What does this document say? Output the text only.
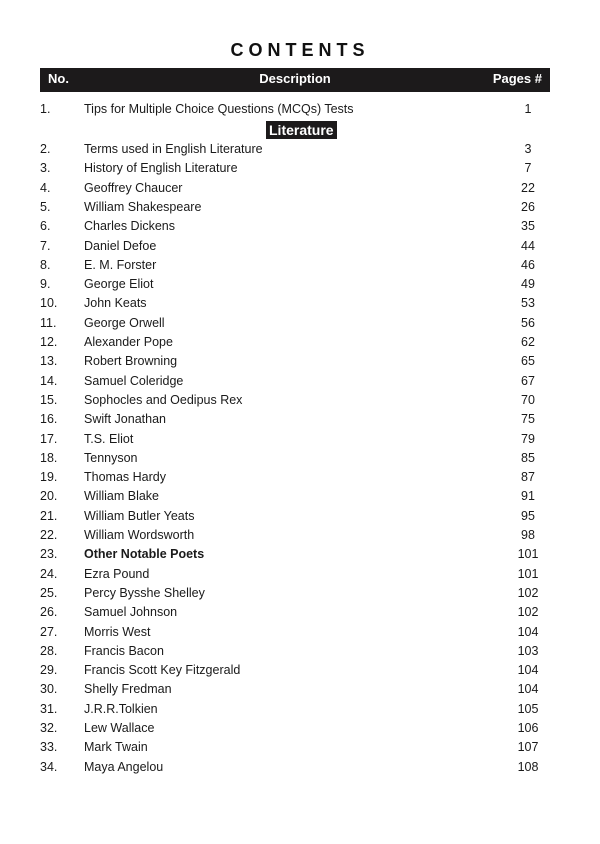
CONTENTS
No.	Description	Pages #
Literature
1.	Tips for Multiple Choice Questions (MCQs) Tests	1
2.	Terms used in English Literature	3
3.	History of English Literature	7
4.	Geoffrey Chaucer	22
5.	William Shakespeare	26
6.	Charles Dickens	35
7.	Daniel Defoe	44
8.	E. M. Forster	46
9.	George Eliot	49
10. John Keats	53
11. George Orwell	56
12. Alexander Pope	62
13. Robert Browning	65
14. Samuel Coleridge	67
15. Sophocles and Oedipus Rex	70
16. Swift Jonathan	75
17. T.S. Eliot	79
18. Tennyson	85
19. Thomas Hardy	87
20. William Blake	91
21. William Butler Yeats	95
22. William Wordsworth	98
23. Other Notable Poets	101
24. Ezra Pound	101
25. Percy Bysshe Shelley	102
26. Samuel Johnson	102
27. Morris West	104
28. Francis Bacon	103
29. Francis Scott Key Fitzgerald	104
30. Shelly Fredman	104
31. J.R.R.Tolkien	105
32. Lew Wallace	106
33. Mark Twain	107
34. Maya Angelou	108
